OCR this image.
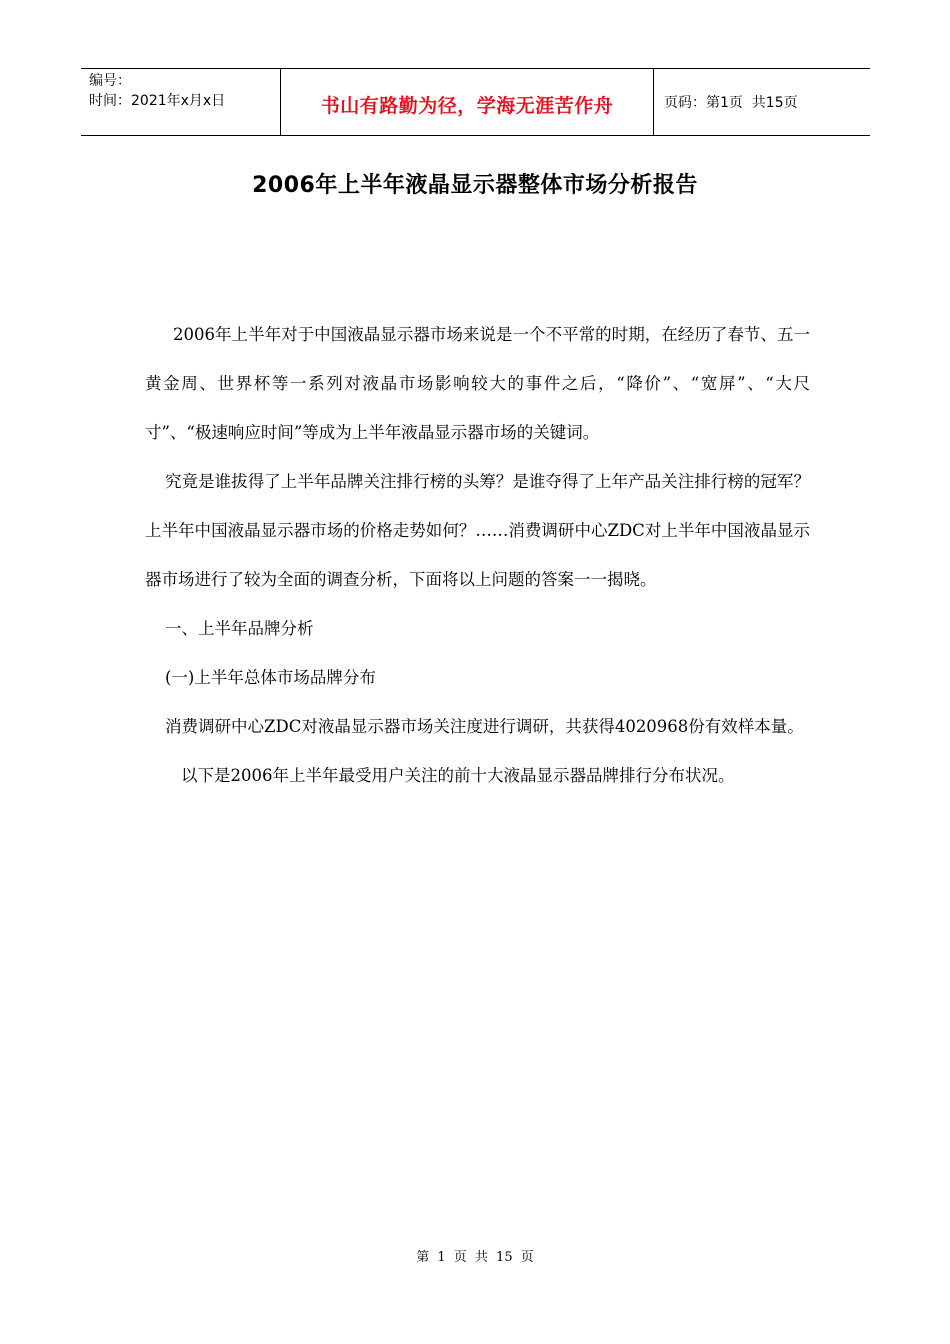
编号：
时间：2021年x月x日	书山有路勤为径，学海无涯苦作舟	页码：第1页  共15页
2006年上半年液晶显示器整体市场分析报告

2006年上半年对于中国液晶显示器市场来说是一个不平常的时期，在经历了春节、五一黄金周、世界杯等一系列对液晶市场影响较大的事件之后，“降价”、“宽屏”、“大尺寸”、“极速响应时间”等成为上半年液晶显示器市场的关键词。

究竟是谁拔得了上半年品牌关注排行榜的头筹？是谁夺得了上年产品关注排行榜的冠军？上半年中国液晶显示器市场的价格走势如何？……消费调研中心ZDC对上半年中国液晶显示器市场进行了较为全面的调查分析，下面将以上问题的答案一一揭晓。

一、上半年品牌分析

(一)上半年总体市场品牌分布

消费调研中心ZDC对液晶显示器市场关注度进行调研，共获得4020968份有效样本量。

以下是2006年上半年最受用户关注的前十大液晶显示器品牌排行分布状况。

第 1 页 共 15 页
